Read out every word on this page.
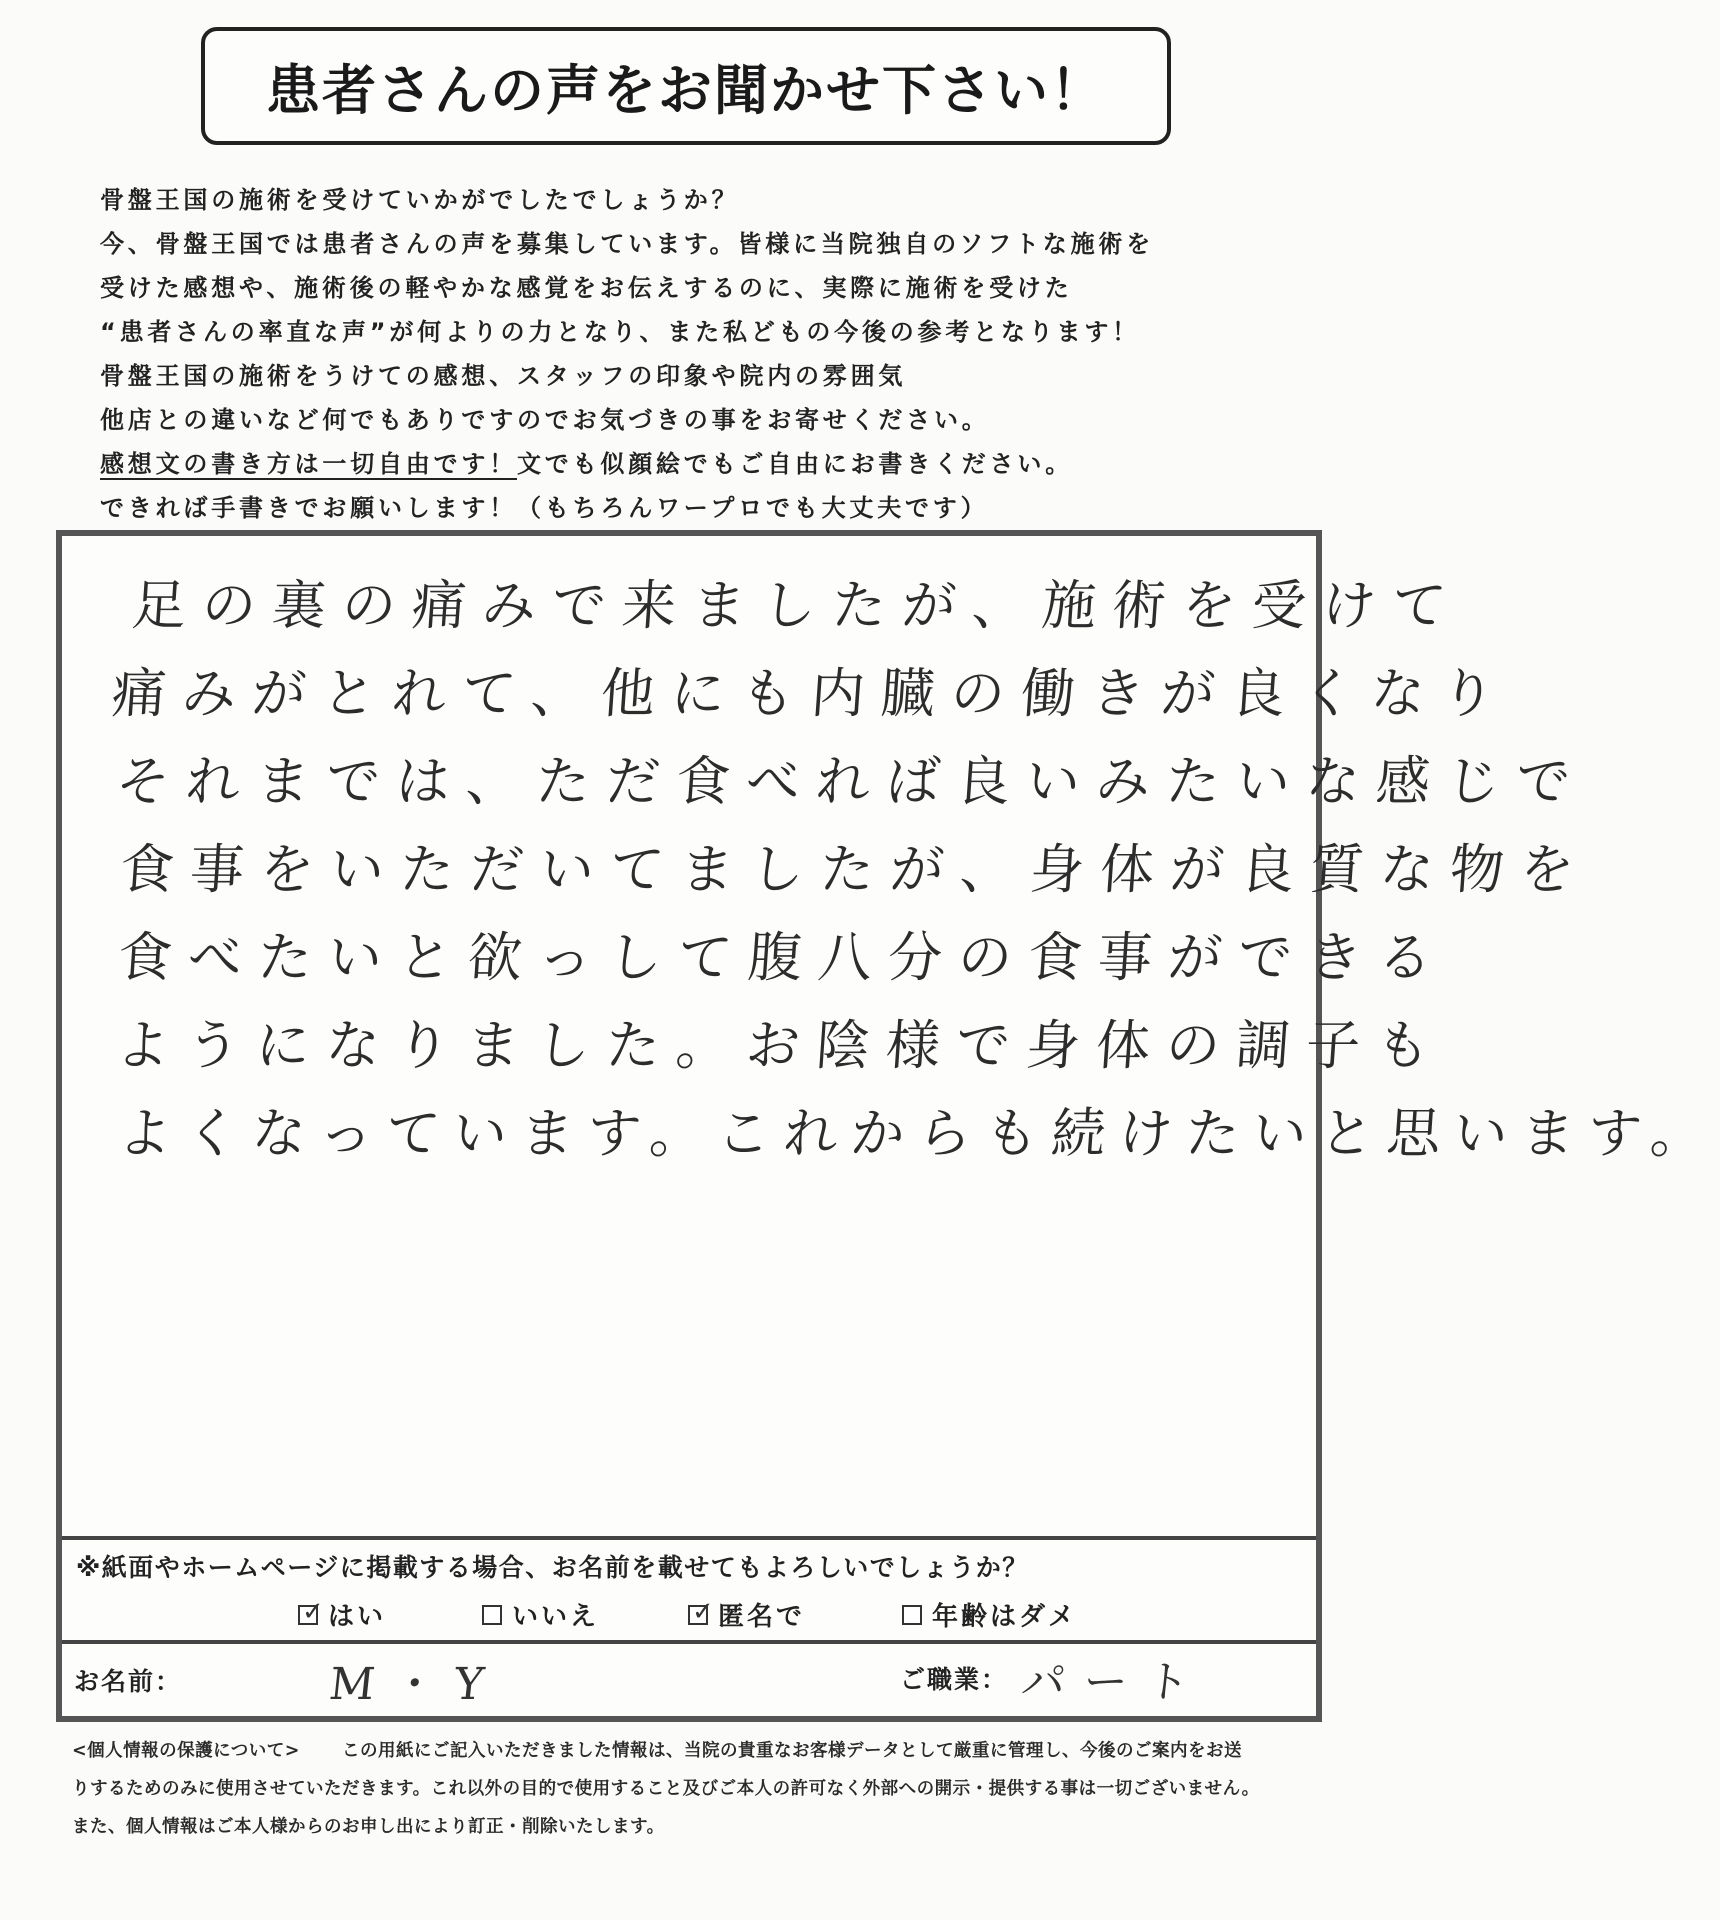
患者さんの声をお聞かせ下さい！
骨盤王国の施術を受けていかがでしたでしょうか？
今、骨盤王国では患者さんの声を募集しています。皆様に当院独自のソフトな施術を
受けた感想や、施術後の軽やかな感覚をお伝えするのに、実際に施術を受けた
“患者さんの率直な声”が何よりの力となり、また私どもの今後の参考となります！
骨盤王国の施術をうけての感想、スタッフの印象や院内の雰囲気
他店との違いなど何でもありですのでお気づきの事をお寄せください。
感想文の書き方は一切自由です！文でも似顔絵でもご自由にお書きください。
できれば手書きでお願いします！（もちろんワープロでも大丈夫です）
足の裏の痛みで来ましたが、施術を受けて
痛みがとれて、他にも内臓の働きが良くなり
それまでは、ただ食べれば良いみたいな感じで
食事をいただいてましたが、身体が良質な物を
食べたいと欲っして腹八分の食事ができる
ようになりました。お陰様で身体の調子も
よくなっています。これからも続けたいと思います。
※紙面やホームページに掲載する場合、お名前を載せてもよろしいでしょうか？
✓ はい	いいえ	✓ 匿名で	年齢はダメ
お名前：	M・Y	ご職業： パート
<個人情報の保護について> この用紙にご記入いただきました情報は、当院の貴重なお客様データとして厳重に管理し、今後のご案内をお送
りするためのみに使用させていただきます。これ以外の目的で使用すること及びご本人の許可なく外部への開示・提供する事は一切ございません。
また、個人情報はご本人様からのお申し出により訂正・削除いたします。
